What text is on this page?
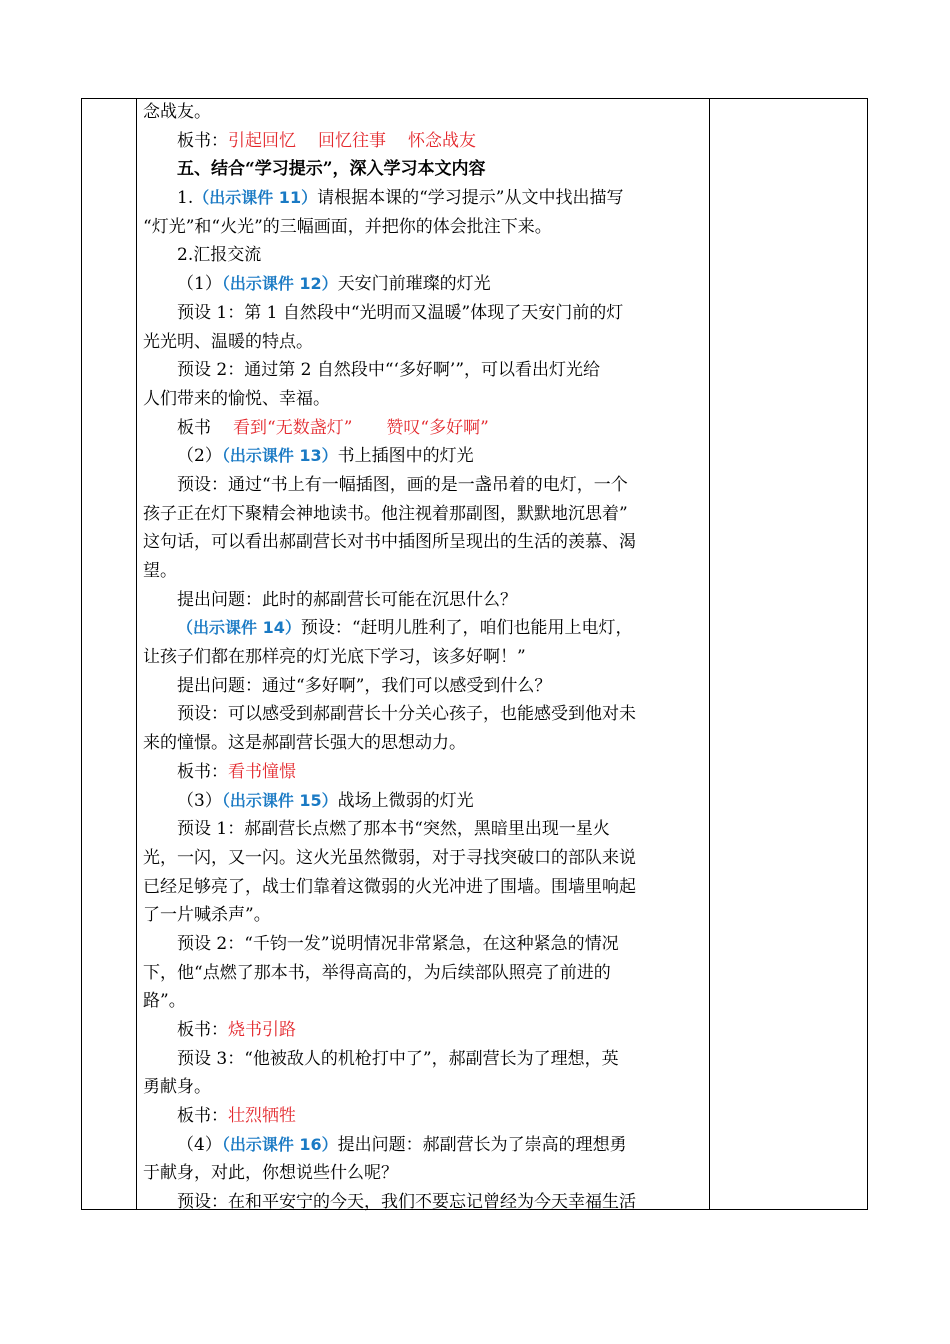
念战友。
板书：引起回忆 回忆往事 怀念战友
五、结合“学习提示”，深入学习本文内容
1.（出示课件 11）请根据本课的“学习提示”从文中找出描写
“灯光”和“火光”的三幅画面，并把你的体会批注下来。
2.汇报交流
（1）（出示课件 12）天安门前璀璨的灯光
预设 1：第 1 自然段中“光明而又温暖”体现了天安门前的灯
光光明、温暖的特点。
预设 2：通过第 2 自然段中“‘多好啊’”，可以看出灯光给
人们带来的愉悦、幸福。
板书 看到“无数盏灯” 赞叹“多好啊”
（2）（出示课件 13）书上插图中的灯光
预设：通过“书上有一幅插图，画的是一盏吊着的电灯，一个
孩子正在灯下聚精会神地读书。他注视着那副图，默默地沉思着”
这句话，可以看出郝副营长对书中插图所呈现出的生活的羡慕、渴
望。
提出问题：此时的郝副营长可能在沉思什么？
（出示课件 14）预设：“赶明儿胜利了，咱们也能用上电灯，
让孩子们都在那样亮的灯光底下学习，该多好啊！”
提出问题：通过“多好啊”，我们可以感受到什么？
预设：可以感受到郝副营长十分关心孩子，也能感受到他对未
来的憧憬。这是郝副营长强大的思想动力。
板书：看书憧憬
（3）（出示课件 15）战场上微弱的灯光
预设 1：郝副营长点燃了那本书“突然，黑暗里出现一星火
光，一闪，又一闪。这火光虽然微弱，对于寻找突破口的部队来说
已经足够亮了，战士们靠着这微弱的火光冲进了围墙。围墙里响起
了一片喊杀声”。
预设 2：“千钧一发”说明情况非常紧急，在这种紧急的情况
下，他“点燃了那本书，举得高高的，为后续部队照亮了前进的
路”。
板书：烧书引路
预设 3：“他被敌人的机枪打中了”，郝副营长为了理想，英
勇献身。
板书：壮烈牺牲
（4）（出示课件 16）提出问题：郝副营长为了崇高的理想勇
于献身，对此，你想说些什么呢？
预设：在和平安宁的今天，我们不要忘记曾经为今天幸福生活
